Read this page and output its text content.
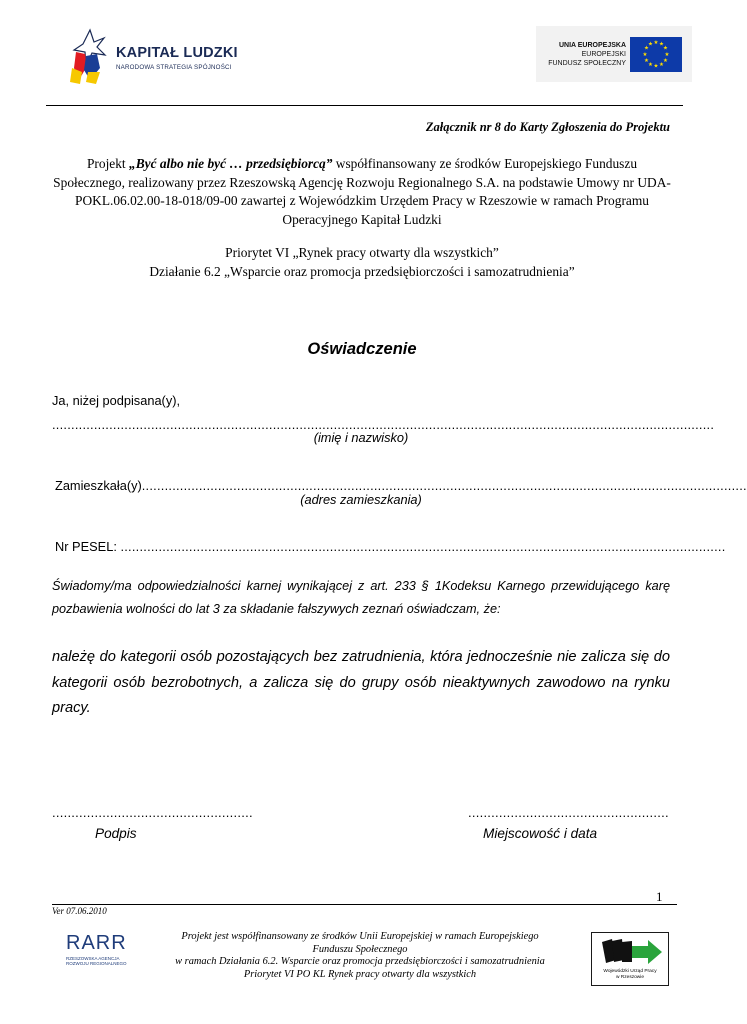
KAPITAŁ LUDZKI
NARODOWA STRATEGIA SPÓJNOŚCI
UNIA EUROPEJSKA
EUROPEJSKI
FUNDUSZ SPOŁECZNY
★ ★
★
★
★
★
★
★
★
★
★
★
Załącznik nr 8 do Karty Zgłoszenia do Projektu
Projekt „Być albo nie być … przedsiębiorcą” współfinansowany ze środków Europejskiego Funduszu Społecznego, realizowany przez Rzeszowską Agencję Rozwoju Regionalnego S.A. na podstawie Umowy nr UDA-POKL.06.02.00-18-018/09-00 zawartej z Wojewódzkim Urzędem Pracy w Rzeszowie w ramach Programu Operacyjnego Kapitał Ludzki
Priorytet VI „Rynek pracy otwarty dla wszystkich”
Działanie 6.2 „Wsparcie oraz promocja przedsiębiorczości i samozatrudnienia”
Oświadczenie
Ja, niżej podpisana(y),
..............................................................................................................................................................................
(imię i nazwisko)
Zamieszkała(y)...............................................................................................................................................................
(adres zamieszkania)
Nr PESEL: ...............................................................................................................................................................
Świadomy/ma odpowiedzialności karnej wynikającej z art. 233 § 1Kodeksu Karnego przewidującego karę pozbawienia wolności do lat 3 za składanie fałszywych zeznań oświadczam, że:
należę do kategorii osób pozostających bez zatrudnienia, która jednocześnie nie zalicza się do kategorii osób bezrobotnych, a zalicza się do grupy osób nieaktywnych zawodowo na rynku pracy.
....................................................	....................................................
Podpis	Miejscowość i data
1
Ver 07.06.2010
RARR
RZESZOWSKA AGENCJA
ROZWOJU REGIONALNEGO
Projekt jest współfinansowany ze środków Unii Europejskiej w ramach Europejskiego
Funduszu Społecznego
w ramach Działania 6.2. Wsparcie oraz promocja przedsiębiorczości i samozatrudnienia
Priorytet VI PO KL Rynek pracy otwarty dla wszystkich	Wojewódzki Urząd Pracy
w Rzeszowie
